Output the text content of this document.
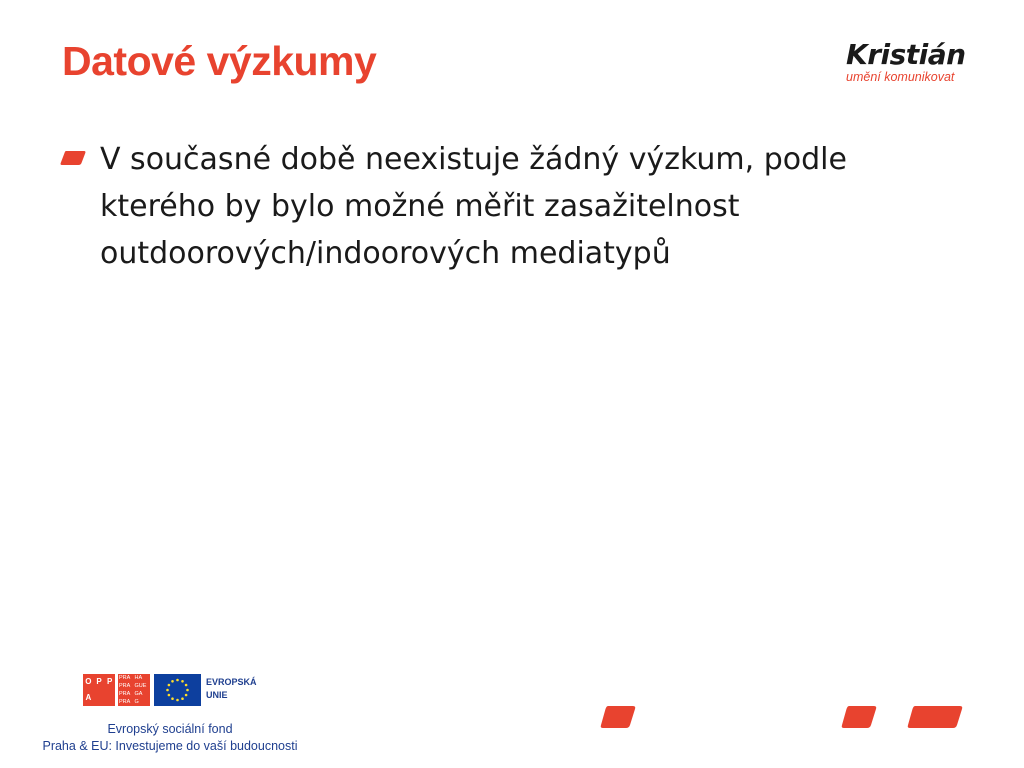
Datové výzkumy	Kristián
umění komunikovat
V současné době neexistuje žádný výzkum, podle kterého by bylo možné měřit zasažitelnost outdoorových/indoorových mediatypů
O P P
A
PRA HA
PRA GUE
PRA GA
PRA G
EVROPSKÁ
UNIE
Evropský sociální fond
Praha & EU: Investujeme do vaší budoucnosti
